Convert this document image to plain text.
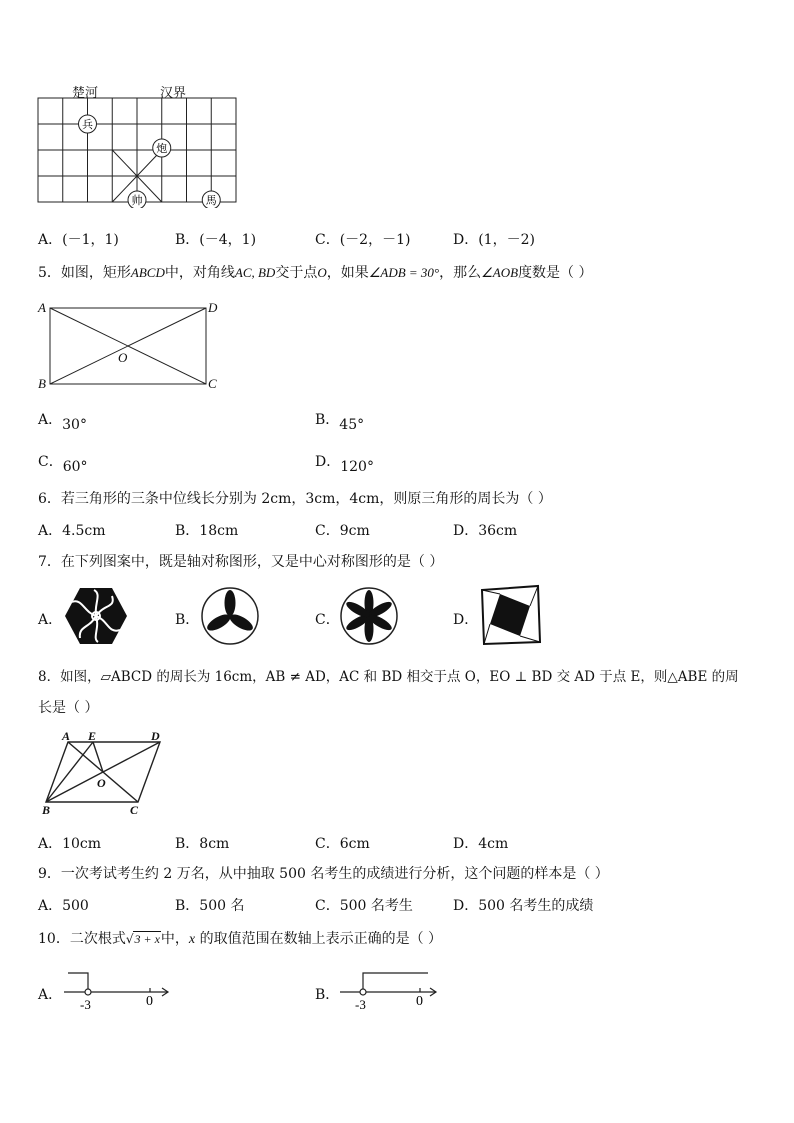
楚河	汉界
兵
炮
帅	馬
A．(－1，1)	B．(－4，1)	C．(－2，－1)	D．(1，－2)
5．如图，矩形ABCD中，对角线AC, BD交于点O，如果∠ADB = 30°，那么∠AOB度数是（ ）
A	D
O
B	C
A．30°	B．45°
C．60°	D．120°
6．若三角形的三条中位线长分别为 2cm，3cm，4cm，则原三角形的周长为（ ）
A．4.5cm	B．18cm	C．9cm	D．36cm
7．在下列图案中，既是轴对称图形，又是中心对称图形的是（ ）
A．	B．	C．	D．
8．如图，▱ABCD 的周长为 16cm，AB ≠ AD，AC 和 BD 相交于点 O，EO ⊥ BD 交 AD 于点 E，则△ABE 的周
长是（ ）
A E	D
O
B	C
A．10cm	B．8cm	C．6cm	D．4cm
9．一次考试考生约 2 万名，从中抽取 500 名考生的成绩进行分析，这个问题的样本是（ ）
A．500	B．500 名	C．500 名考生	D．500 名考生的成绩
10．二次根式√3 + x中，x 的取值范围在数轴上表示正确的是（ ）
A．
-3	0	B．
-3	0
